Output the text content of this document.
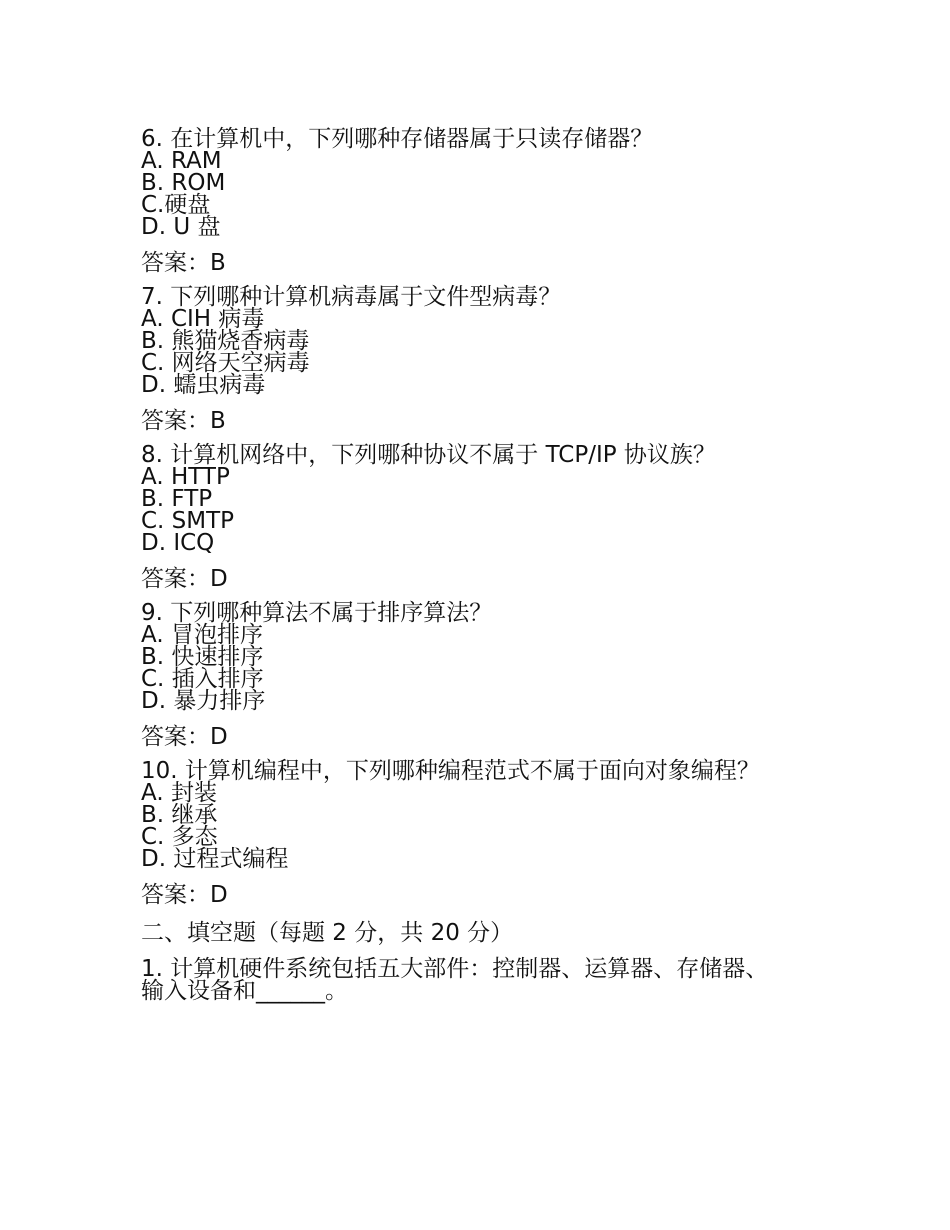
6. 在计算机中，下列哪种存储器属于只读存储器？

A. RAM

B. ROM

C.硬盘

D. U 盘

答案：B

7. 下列哪种计算机病毒属于文件型病毒？

A. CIH 病毒

B. 熊猫烧香病毒

C. 网络天空病毒

D. 蠕虫病毒

答案：B

8. 计算机网络中，下列哪种协议不属于 TCP/IP 协议族？

A. HTTP

B. FTP

C. SMTP

D. ICQ

答案：D

9. 下列哪种算法不属于排序算法？

A. 冒泡排序

B. 快速排序

C. 插入排序

D. 暴力排序

答案：D

10. 计算机编程中，下列哪种编程范式不属于面向对象编程？

A. 封装

B. 继承

C. 多态

D. 过程式编程

答案：D

二、填空题（每题 2 分，共 20 分）

1. 计算机硬件系统包括五大部件：控制器、运算器、存储器、输入设备和______。
